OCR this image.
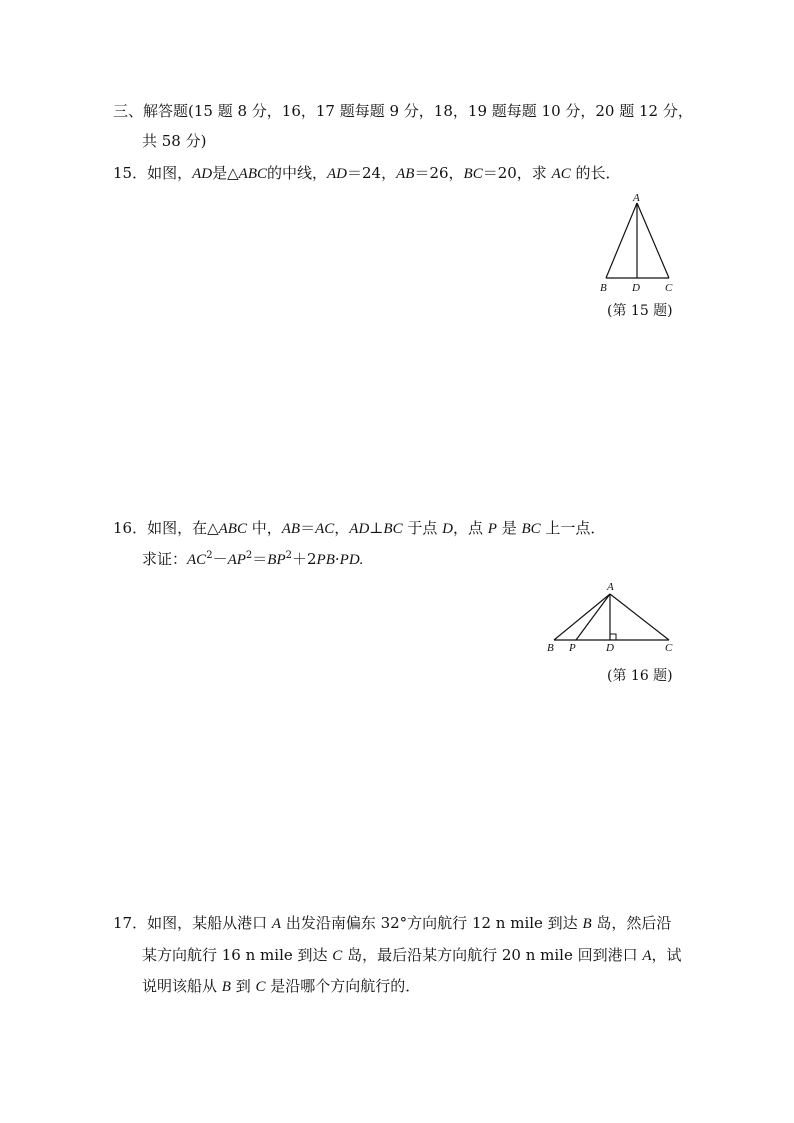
三、解答题(15 题 8 分，16，17 题每题 9 分，18，19 题每题 10 分，20 题 12 分，
共 58 分)
15．如图，AD是△ABC的中线，AD＝24，AB＝26，BC＝20，求 AC 的长．
A
B D C
(第 15 题)
16．如图，在△ABC 中，AB＝AC，AD⊥BC 于点 D，点 P 是 BC 上一点．
求证：$AC^2-AP^2=BP^2+2PB\cdot PD$.
A
B P	D	C
(第 16 题)
17．如图，某船从港口 A 出发沿南偏东 32°方向航行 12 n mile 到达 B 岛，然后沿
某方向航行 16 n mile 到达 C 岛，最后沿某方向航行 20 n mile 回到港口 A，试
说明该船从 B 到 C 是沿哪个方向航行的．
